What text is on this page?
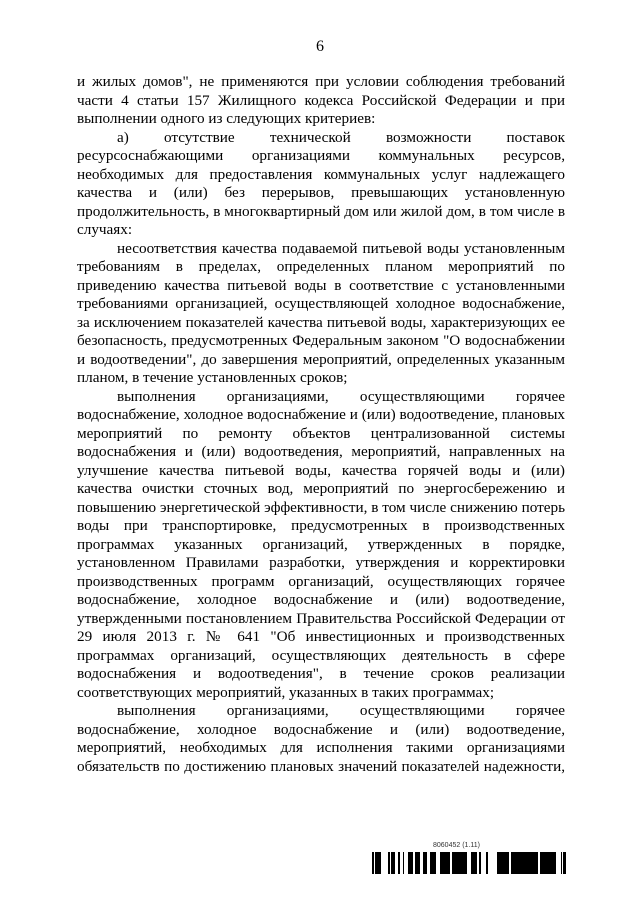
6

и жилых домов", не применяются при условии соблюдения требований части 4 статьи 157 Жилищного кодекса Российской Федерации и при выполнении одного из следующих критериев:

а) отсутствие технической возможности поставок ресурсоснабжающими организациями коммунальных ресурсов, необходимых для предоставления коммунальных услуг надлежащего качества и (или) без перерывов, превышающих установленную продолжительность, в многоквартирный дом или жилой дом, в том числе в случаях:

несоответствия качества подаваемой питьевой воды установленным требованиям в пределах, определенных планом мероприятий по приведению качества питьевой воды в соответствие с установленными требованиями организацией, осуществляющей холодное водоснабжение, за исключением показателей качества питьевой воды, характеризующих ее безопасность, предусмотренных Федеральным законом "О водоснабжении и водоотведении", до завершения мероприятий, определенных указанным планом, в течение установленных сроков;

выполнения организациями, осуществляющими горячее водоснабжение, холодное водоснабжение и (или) водоотведение, плановых мероприятий по ремонту объектов централизованной системы водоснабжения и (или) водоотведения, мероприятий, направленных на улучшение качества питьевой воды, качества горячей воды и (или) качества очистки сточных вод, мероприятий по энергосбережению и повышению энергетической эффективности, в том числе снижению потерь воды при транспортировке, предусмотренных в производственных программах указанных организаций, утвержденных в порядке, установленном Правилами разработки, утверждения и корректировки производственных программ организаций, осуществляющих горячее водоснабжение, холодное водоснабжение и (или) водоотведение, утвержденными постановлением Правительства Российской Федерации от 29 июля 2013 г. № 641 "Об инвестиционных и производственных программах организаций, осуществляющих деятельность в сфере водоснабжения и водоотведения", в течение сроков реализации соответствующих мероприятий, указанных в таких программах;

выполнения организациями, осуществляющими горячее водоснабжение, холодное водоснабжение и (или) водоотведение, мероприятий, необходимых для исполнения такими организациями обязательств по достижению плановых значений показателей надежности,

8060452 (1.11)
